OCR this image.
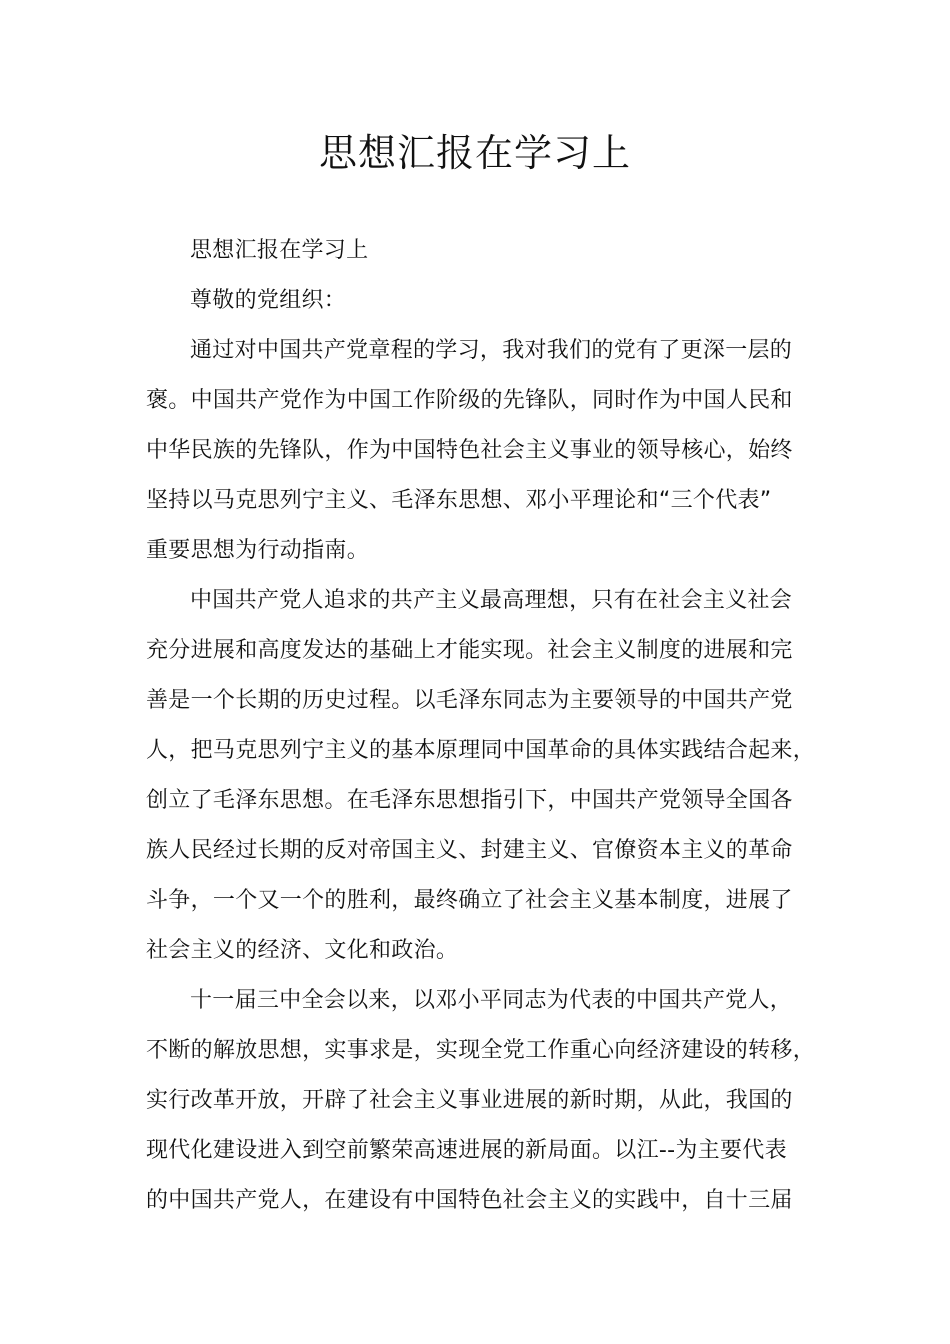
思想汇报在学习上
思想汇报在学习上
尊敬的党组织：
通过对中国共产党章程的学习，我对我们的党有了更深一层的
褒。中国共产党作为中国工作阶级的先锋队，同时作为中国人民和
中华民族的先锋队，作为中国特色社会主义事业的领导核心，始终
坚持以马克思列宁主义、毛泽东思想、邓小平理论和“三个代表”
重要思想为行动指南。
中国共产党人追求的共产主义最高理想，只有在社会主义社会
充分进展和高度发达的基础上才能实现。社会主义制度的进展和完
善是一个长期的历史过程。以毛泽东同志为主要领导的中国共产党
人，把马克思列宁主义的基本原理同中国革命的具体实践结合起来，
创立了毛泽东思想。在毛泽东思想指引下，中国共产党领导全国各
族人民经过长期的反对帝国主义、封建主义、官僚资本主义的革命
斗争，一个又一个的胜利，最终确立了社会主义基本制度，进展了
社会主义的经济、文化和政治。
十一届三中全会以来，以邓小平同志为代表的中国共产党人，
不断的解放思想，实事求是，实现全党工作重心向经济建设的转移，
实行改革开放，开辟了社会主义事业进展的新时期，从此，我国的
现代化建设进入到空前繁荣高速进展的新局面。以江--为主要代表
的中国共产党人，在建设有中国特色社会主义的实践中，自十三届
